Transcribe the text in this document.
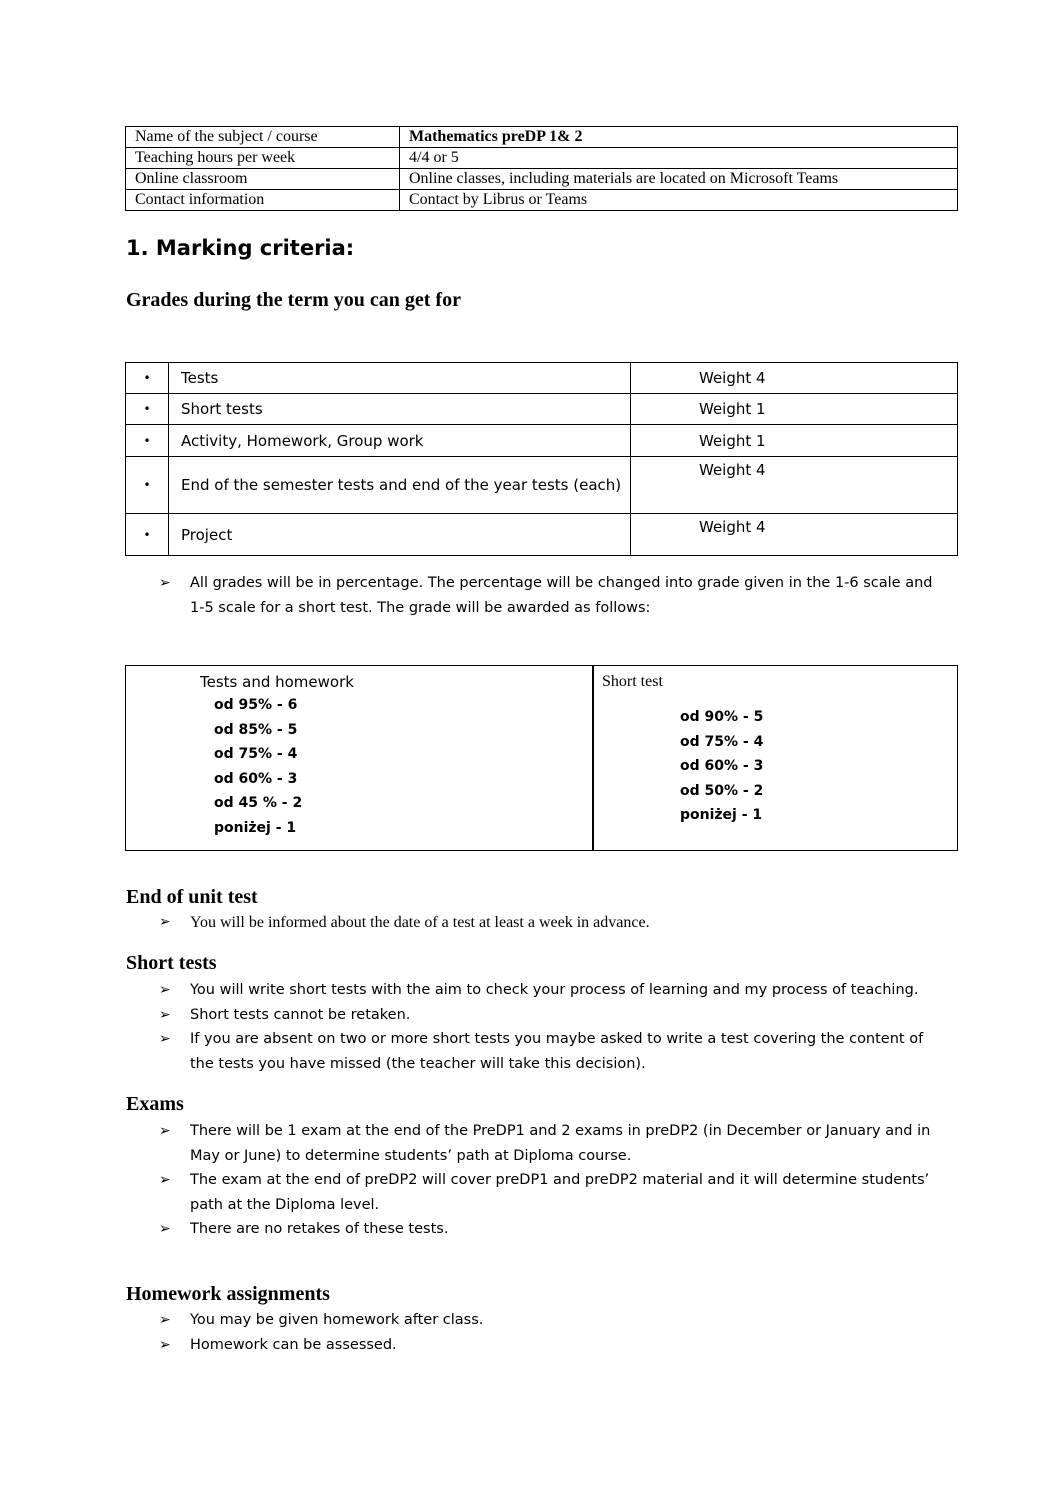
Name of the subject / course	Mathematics preDP 1& 2
Teaching hours per week	4/4 or 5
Online classroom	Online classes, including materials are located on Microsoft Teams
Contact information	Contact by Librus or Teams
1. Marking criteria:
Grades during the term you can get for
•	Tests	Weight 4
•	Short tests	Weight 1
•	Activity, Homework, Group work	Weight 1
•	End of the semester tests and end of the year tests (each)	Weight 4
•	Project	Weight 4
➢ All grades will be in percentage. The percentage will be changed into grade given in the 1-6 scale and 1-5 scale for a short test. The grade will be awarded as follows:
Tests and homework
od 95% - 6
od 85% - 5
od 75% - 4
od 60% - 3
od 45 % - 2
poniżej - 1
Short test
od 90% - 5
od 75% - 4
od 60% - 3
od 50% - 2
poniżej - 1
End of unit test
➢ You will be informed about the date of a test at least a week in advance.
Short tests
➢ You will write short tests with the aim to check your process of learning and my process of teaching.
➢ Short tests cannot be retaken.
➢ If you are absent on two or more short tests you maybe asked to write a test covering the content of the tests you have missed (the teacher will take this decision).
Exams
➢ There will be 1 exam at the end of the PreDP1 and 2 exams in preDP2 (in December or January and in May or June) to determine students’ path at Diploma course.
➢ The exam at the end of preDP2 will cover preDP1 and preDP2 material and it will determine students’ path at the Diploma level.
➢ There are no retakes of these tests.
Homework assignments
➢ You may be given homework after class.
➢ Homework can be assessed.
